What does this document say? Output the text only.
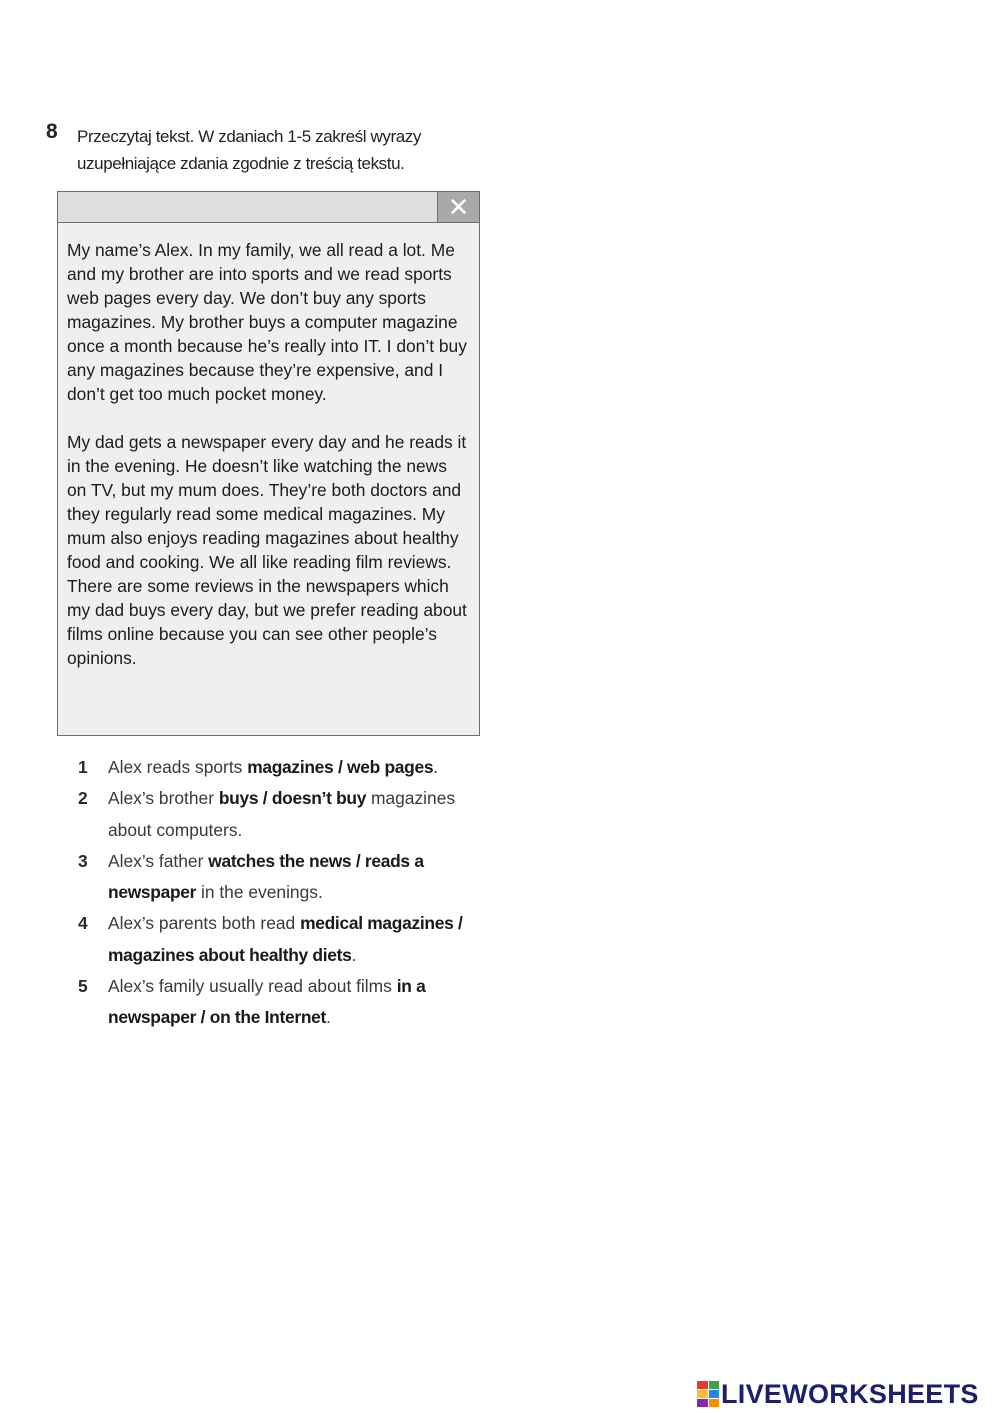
8 Przeczytaj tekst. W zdaniach 1-5 zakreśl wyrazy uzupełniające zdania zgodnie z treścią tekstu.
✕

My name’s Alex. In my family, we all read a lot. Me and my brother are into sports and we read sports web pages every day. We don’t buy any sports magazines. My brother buys a computer magazine once a month because he’s really into IT. I don’t buy any magazines because they’re expensive, and I don’t get too much pocket money.

My dad gets a newspaper every day and he reads it in the evening. He doesn’t like watching the news on TV, but my mum does. They’re both doctors and they regularly read some medical magazines. My mum also enjoys reading magazines about healthy food and cooking. We all like reading film reviews. There are some reviews in the newspapers which my dad buys every day, but we prefer reading about films online because you can see other people’s opinions.

1	Alex reads sports magazines / web pages.
2	Alex’s brother buys / doesn’t buy magazines about computers.
3	Alex’s father watches the news / reads a newspaper in the evenings.
4	Alex’s parents both read medical magazines / magazines about healthy diets.
5	Alex’s family usually read about films in a newspaper / on the Internet.
LIVEWORKSHEETS
